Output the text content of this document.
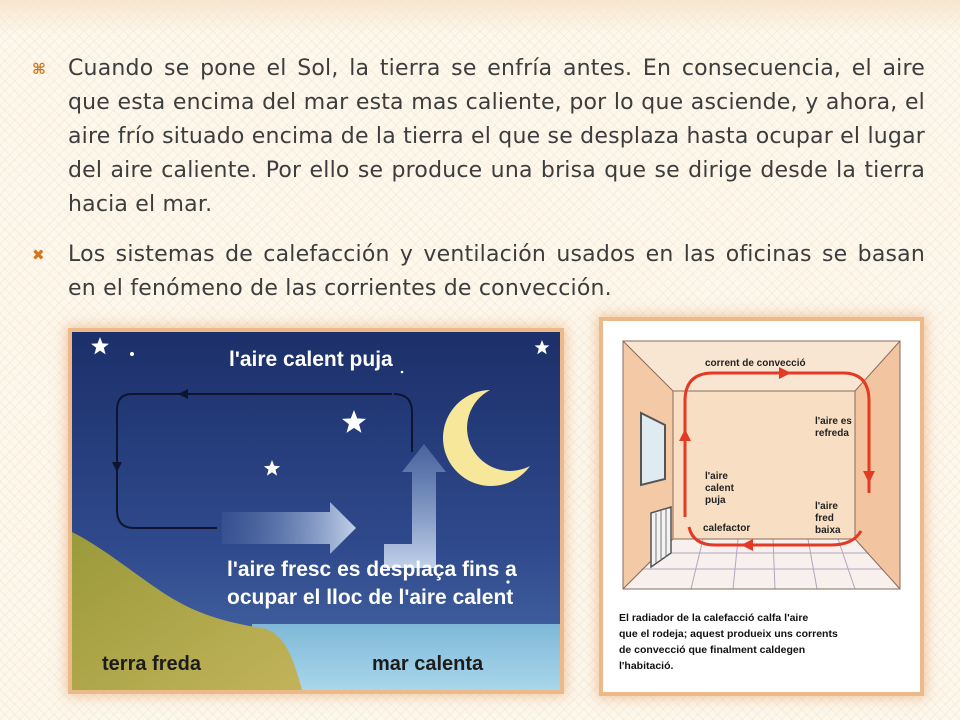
⌘	Cuando se pone el Sol, la tierra se enfría antes. En consecuencia, el aire que esta encima del mar esta mas caliente, por lo que asciende, y ahora, el aire frío situado encima de la tierra el que se desplaza hasta ocupar el lugar del aire caliente. Por ello se produce una brisa que se dirige desde la tierra hacia el mar.
✖	Los sistemas de calefacción y ventilación usados en las oficinas se basan en el fenómeno de las corrientes de convección.
l'aire calent puja
l'aire fresc es desplaça fins a
ocupar el lloc de l'aire calent
terra freda	mar calenta
corrent de convecció
l'aire es
refreda
l'aire
calent
puja
l'aire
fred
baixa
calefactor
El radiador de la calefacció calfa l'aire
que el rodeja; aquest produeix uns corrents
de convecció que finalment caldegen
l'habitació.
